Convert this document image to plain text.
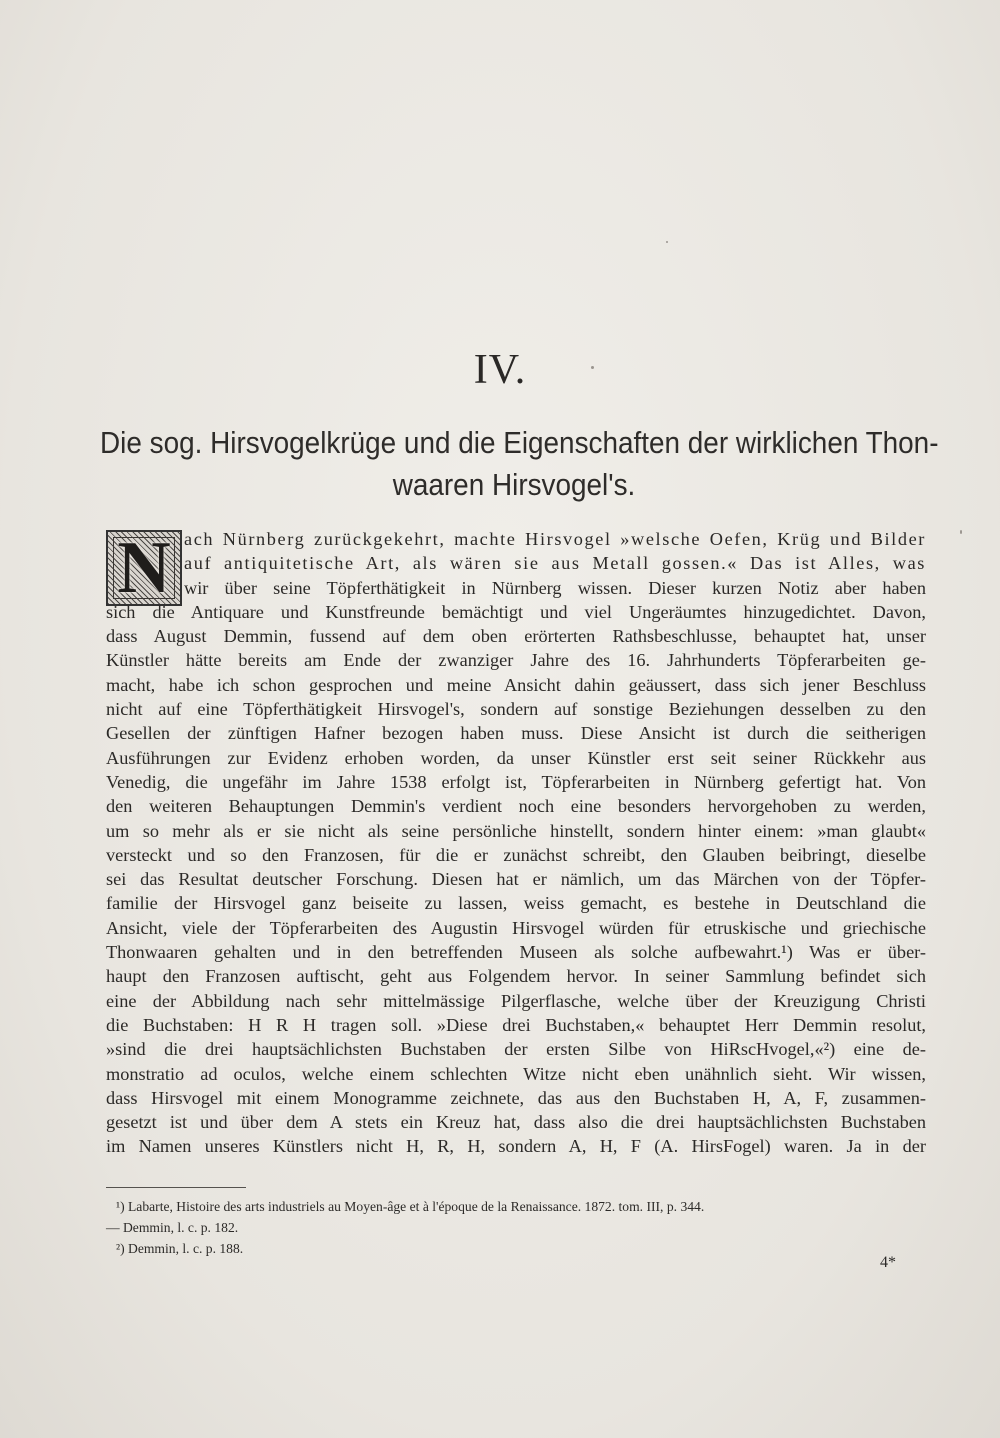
IV.
Die sog. Hirsvogelkrüge und die Eigenschaften der wirklichen Thon-
waaren Hirsvogel's.
N ach Nürnberg zurückgekehrt, machte Hirsvogel »welsche Oefen, Krüg und Bilder
auf antiquitetische Art, als wären sie aus Metall gossen.« Das ist Alles, was
wir über seine Töpferthätigkeit in Nürnberg wissen. Dieser kurzen Notiz aber haben
sich die Antiquare und Kunstfreunde bemächtigt und viel Ungeräumtes hinzugedichtet. Davon,
dass August Demmin, fussend auf dem oben erörterten Rathsbeschlusse, behauptet hat, unser
Künstler hätte bereits am Ende der zwanziger Jahre des 16. Jahrhunderts Töpferarbeiten ge-
macht, habe ich schon gesprochen und meine Ansicht dahin geäussert, dass sich jener Beschluss
nicht auf eine Töpferthätigkeit Hirsvogel's, sondern auf sonstige Beziehungen desselben zu den
Gesellen der zünftigen Hafner bezogen haben muss. Diese Ansicht ist durch die seitherigen
Ausführungen zur Evidenz erhoben worden, da unser Künstler erst seit seiner Rückkehr aus
Venedig, die ungefähr im Jahre 1538 erfolgt ist, Töpferarbeiten in Nürnberg gefertigt hat. Von
den weiteren Behauptungen Demmin's verdient noch eine besonders hervorgehoben zu werden,
um so mehr als er sie nicht als seine persönliche hinstellt, sondern hinter einem: »man glaubt«
versteckt und so den Franzosen, für die er zunächst schreibt, den Glauben beibringt, dieselbe
sei das Resultat deutscher Forschung. Diesen hat er nämlich, um das Märchen von der Töpfer-
familie der Hirsvogel ganz beiseite zu lassen, weiss gemacht, es bestehe in Deutschland die
Ansicht, viele der Töpferarbeiten des Augustin Hirsvogel würden für etruskische und griechische
Thonwaaren gehalten und in den betreffenden Museen als solche aufbewahrt.¹) Was er über-
haupt den Franzosen auftischt, geht aus Folgendem hervor. In seiner Sammlung befindet sich
eine der Abbildung nach sehr mittelmässige Pilgerflasche, welche über der Kreuzigung Christi
die Buchstaben: H R H tragen soll. »Diese drei Buchstaben,« behauptet Herr Demmin resolut,
»sind die drei hauptsächlichsten Buchstaben der ersten Silbe von HiRscHvogel,«²) eine de-
monstratio ad oculos, welche einem schlechten Witze nicht eben unähnlich sieht. Wir wissen,
dass Hirsvogel mit einem Monogramme zeichnete, das aus den Buchstaben H, A, F, zusammen-
gesetzt ist und über dem A stets ein Kreuz hat, dass also die drei hauptsächlichsten Buchstaben
im Namen unseres Künstlers nicht H, R, H, sondern A, H, F (A. HirsFogel) waren. Ja in der
¹) Labarte, Histoire des arts industriels au Moyen-âge et à l'époque de la Renaissance. 1872. tom. III, p. 344.
— Demmin, l. c. p. 182.
²) Demmin, l. c. p. 188.
4*
